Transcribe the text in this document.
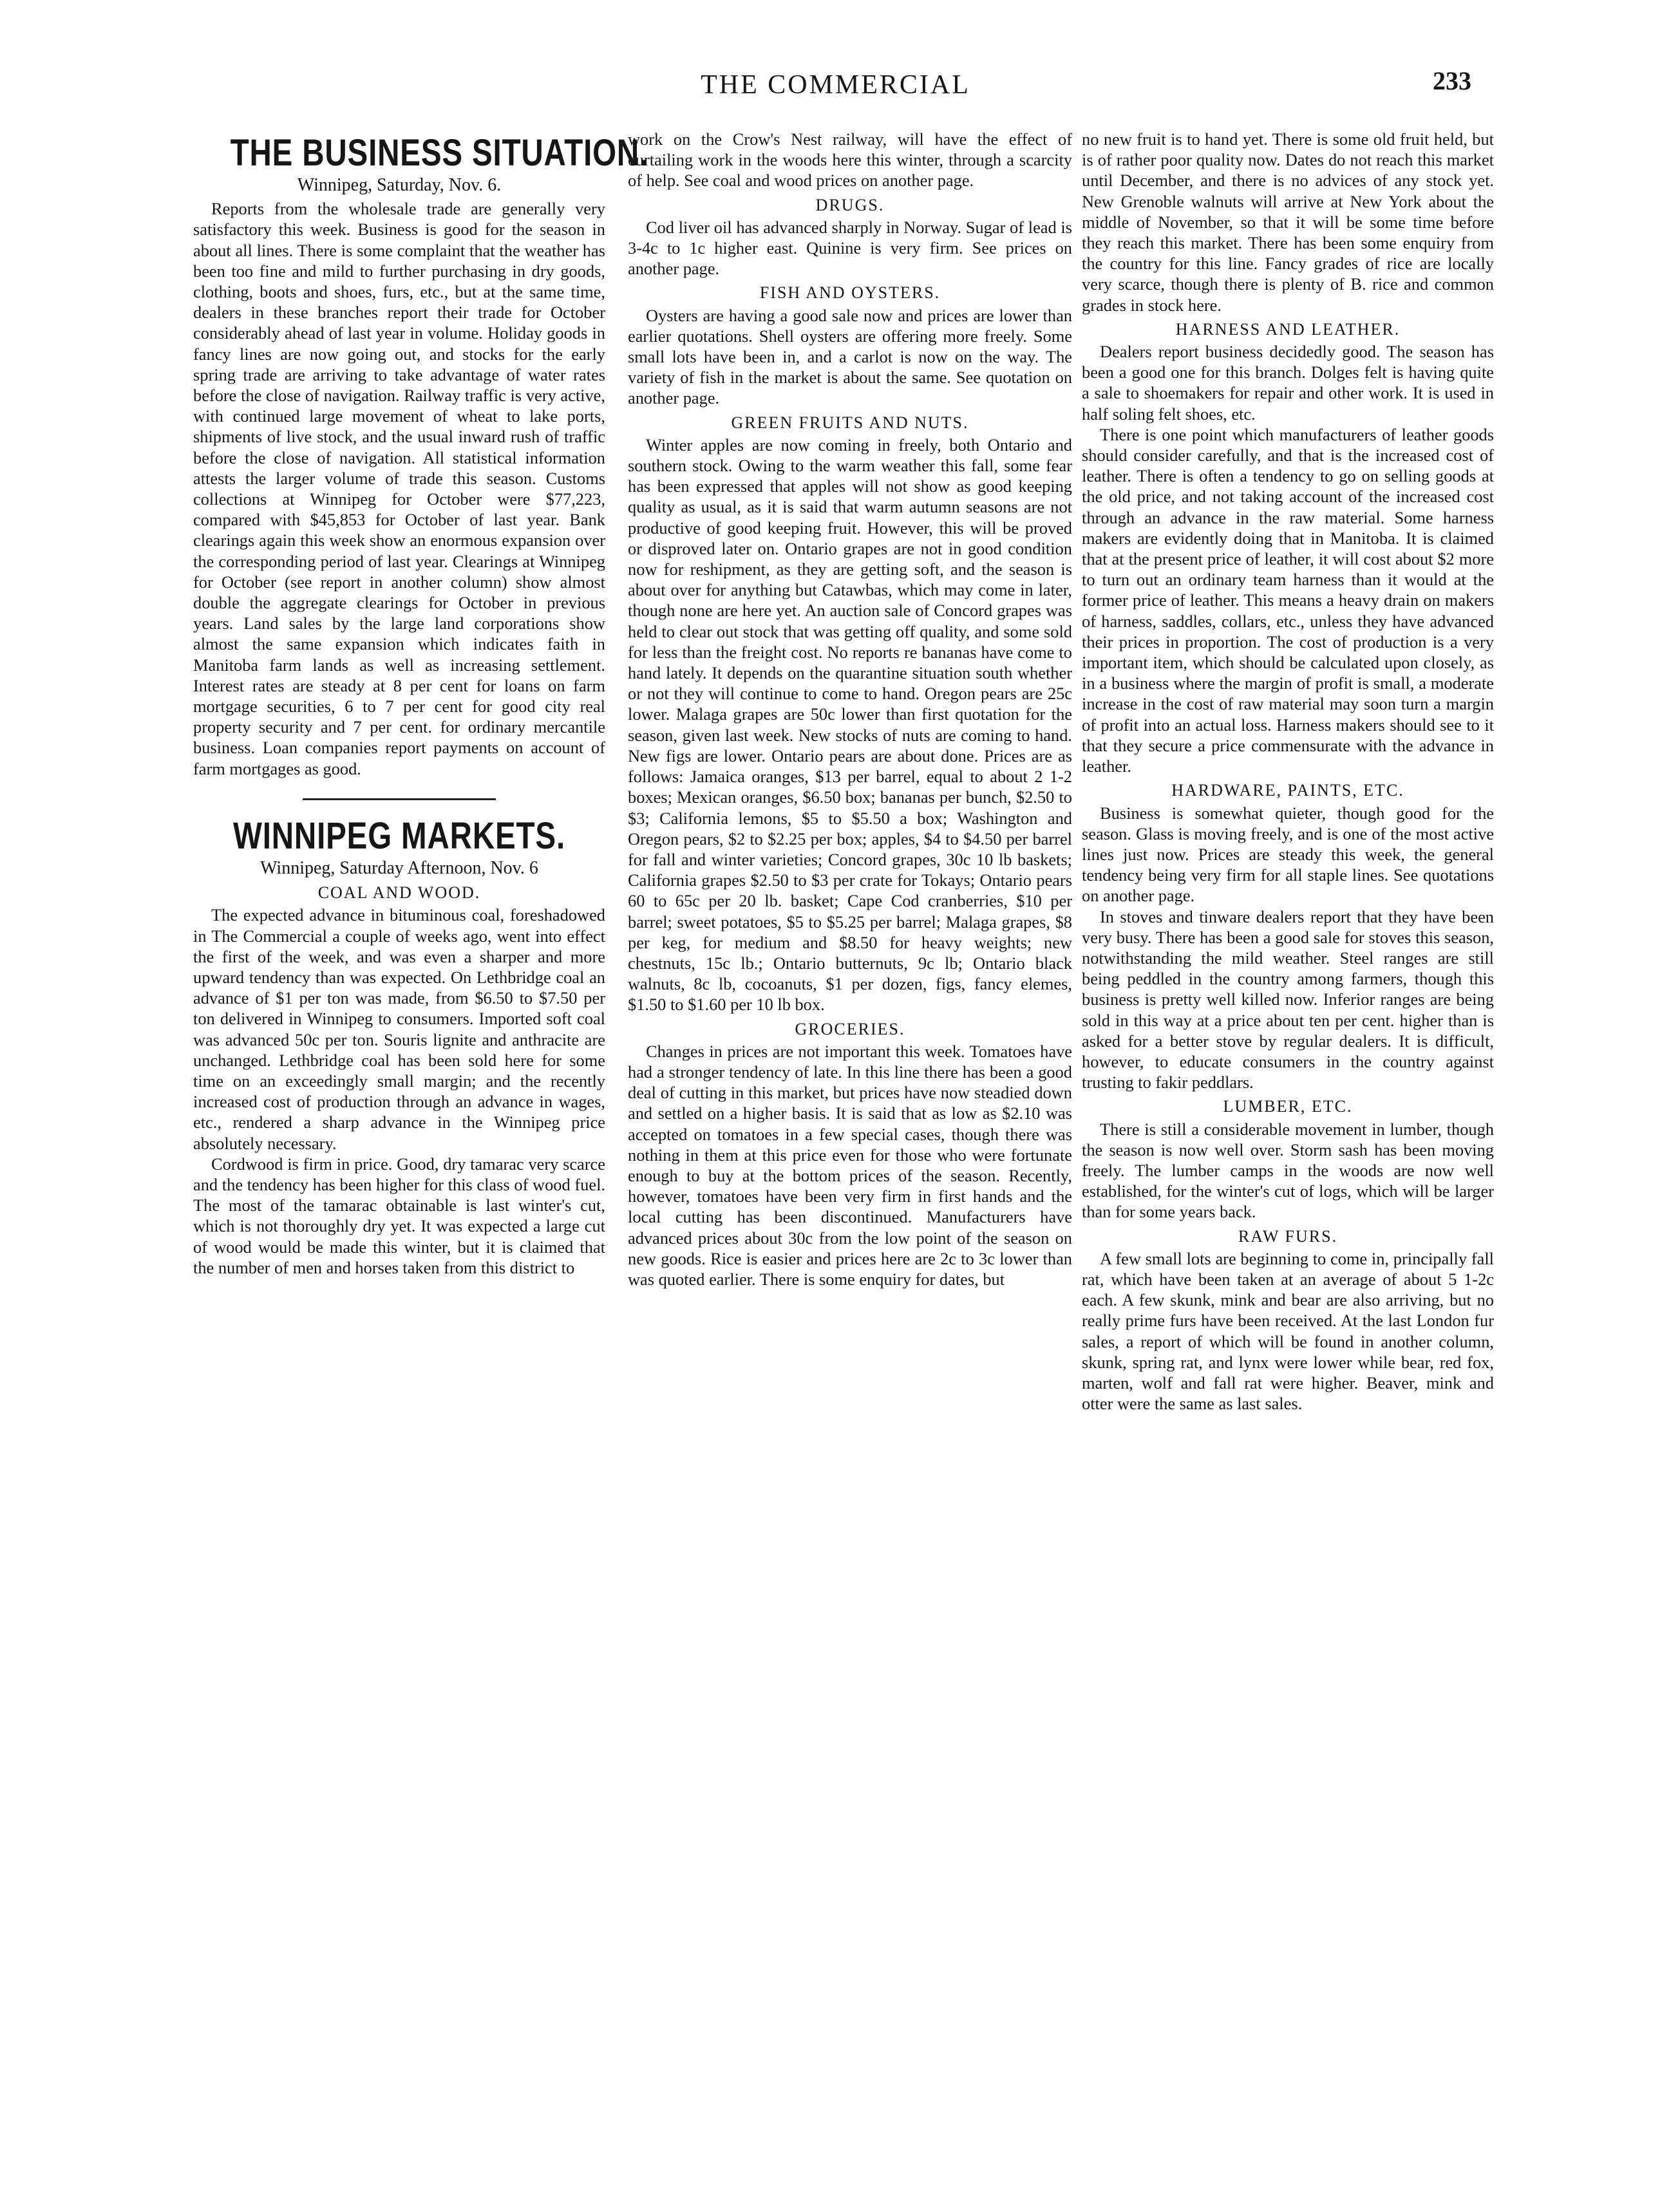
THE COMMERCIAL	233
THE BUSINESS SITUATION.
Winnipeg, Saturday, Nov. 6.

Reports from the wholesale trade are generally very satisfactory this week. Business is good for the season in about all lines. There is some complaint that the weather has been too fine and mild to further purchasing in dry goods, clothing, boots and shoes, furs, etc., but at the same time, dealers in these branches report their trade for October considerably ahead of last year in volume. Holiday goods in fancy lines are now going out, and stocks for the early spring trade are arriving to take advantage of water rates before the close of navigation. Railway traffic is very active, with continued large movement of wheat to lake ports, shipments of live stock, and the usual inward rush of traffic before the close of navigation. All statistical information attests the larger volume of trade this season. Customs collections at Winnipeg for October were $77,223, compared with $45,853 for October of last year. Bank clearings again this week show an enormous expansion over the corresponding period of last year. Clearings at Winnipeg for October (see report in another column) show almost double the aggregate clearings for October in previous years. Land sales by the large land corporations show almost the same expansion which indicates faith in Manitoba farm lands as well as increasing settlement. Interest rates are steady at 8 per cent for loans on farm mortgage securities, 6 to 7 per cent for good city real property security and 7 per cent. for ordinary mercantile business. Loan companies report payments on account of farm mortgages as good.

WINNIPEG MARKETS.
Winnipeg, Saturday Afternoon, Nov. 6
COAL AND WOOD.

The expected advance in bituminous coal, foreshadowed in The Commercial a couple of weeks ago, went into effect the first of the week, and was even a sharper and more upward tendency than was expected. On Lethbridge coal an advance of $1 per ton was made, from $6.50 to $7.50 per ton delivered in Winnipeg to consumers. Imported soft coal was advanced 50c per ton. Souris lignite and anthracite are unchanged. Lethbridge coal has been sold here for some time on an exceedingly small margin; and the recently increased cost of production through an advance in wages, etc., rendered a sharp advance in the Winnipeg price absolutely necessary.

Cordwood is firm in price. Good, dry tamarac very scarce and the tendency has been higher for this class of wood fuel. The most of the tamarac obtainable is last winter's cut, which is not thoroughly dry yet. It was expected a large cut of wood would be made this winter, but it is claimed that the number of men and horses taken from this district to

work on the Crow's Nest railway, will have the effect of curtailing work in the woods here this winter, through a scarcity of help. See coal and wood prices on another page.

DRUGS.

Cod liver oil has advanced sharply in Norway. Sugar of lead is 3-4c to 1c higher east. Quinine is very firm. See prices on another page.

FISH AND OYSTERS.

Oysters are having a good sale now and prices are lower than earlier quotations. Shell oysters are offering more freely. Some small lots have been in, and a carlot is now on the way. The variety of fish in the market is about the same. See quotation on another page.

GREEN FRUITS AND NUTS.

Winter apples are now coming in freely, both Ontario and southern stock. Owing to the warm weather this fall, some fear has been expressed that apples will not show as good keeping quality as usual, as it is said that warm autumn seasons are not productive of good keeping fruit. However, this will be proved or disproved later on. Ontario grapes are not in good condition now for reshipment, as they are getting soft, and the season is about over for anything but Catawbas, which may come in later, though none are here yet. An auction sale of Concord grapes was held to clear out stock that was getting off quality, and some sold for less than the freight cost. No reports re bananas have come to hand lately. It depends on the quarantine situation south whether or not they will continue to come to hand. Oregon pears are 25c lower. Malaga grapes are 50c lower than first quotation for the season, given last week. New stocks of nuts are coming to hand. New figs are lower. Ontario pears are about done. Prices are as follows: Jamaica oranges, $13 per barrel, equal to about 2 1-2 boxes; Mexican oranges, $6.50 box; bananas per bunch, $2.50 to $3; California lemons, $5 to $5.50 a box; Washington and Oregon pears, $2 to $2.25 per box; apples, $4 to $4.50 per barrel for fall and winter varieties; Concord grapes, 30c 10 lb baskets; California grapes $2.50 to $3 per crate for Tokays; Ontario pears 60 to 65c per 20 lb. basket; Cape Cod cranberries, $10 per barrel; sweet potatoes, $5 to $5.25 per barrel; Malaga grapes, $8 per keg, for medium and $8.50 for heavy weights; new chestnuts, 15c lb.; Ontario butternuts, 9c lb; Ontario black walnuts, 8c lb, cocoanuts, $1 per dozen, figs, fancy elemes, $1.50 to $1.60 per 10 lb box.

GROCERIES.

Changes in prices are not important this week. Tomatoes have had a stronger tendency of late. In this line there has been a good deal of cutting in this market, but prices have now steadied down and settled on a higher basis. It is said that as low as $2.10 was accepted on tomatoes in a few special cases, though there was nothing in them at this price even for those who were fortunate enough to buy at the bottom prices of the season. Recently, however, tomatoes have been very firm in first hands and the local cutting has been discontinued. Manufacturers have advanced prices about 30c from the low point of the season on new goods. Rice is easier and prices here are 2c to 3c lower than was quoted earlier. There is some enquiry for dates, but

no new fruit is to hand yet. There is some old fruit held, but is of rather poor quality now. Dates do not reach this market until December, and there is no advices of any stock yet. New Grenoble walnuts will arrive at New York about the middle of November, so that it will be some time before they reach this market. There has been some enquiry from the country for this line. Fancy grades of rice are locally very scarce, though there is plenty of B. rice and common grades in stock here.

HARNESS AND LEATHER.

Dealers report business decidedly good. The season has been a good one for this branch. Dolges felt is having quite a sale to shoemakers for repair and other work. It is used in half soling felt shoes, etc.

There is one point which manufacturers of leather goods should consider carefully, and that is the increased cost of leather. There is often a tendency to go on selling goods at the old price, and not taking account of the increased cost through an advance in the raw material. Some harness makers are evidently doing that in Manitoba. It is claimed that at the present price of leather, it will cost about $2 more to turn out an ordinary team harness than it would at the former price of leather. This means a heavy drain on makers of harness, saddles, collars, etc., unless they have advanced their prices in proportion. The cost of production is a very important item, which should be calculated upon closely, as in a business where the margin of profit is small, a moderate increase in the cost of raw material may soon turn a margin of profit into an actual loss. Harness makers should see to it that they secure a price commensurate with the advance in leather.

HARDWARE, PAINTS, ETC.

Business is somewhat quieter, though good for the season. Glass is moving freely, and is one of the most active lines just now. Prices are steady this week, the general tendency being very firm for all staple lines. See quotations on another page.

In stoves and tinware dealers report that they have been very busy. There has been a good sale for stoves this season, notwithstanding the mild weather. Steel ranges are still being peddled in the country among farmers, though this business is pretty well killed now. Inferior ranges are being sold in this way at a price about ten per cent. higher than is asked for a better stove by regular dealers. It is difficult, however, to educate consumers in the country against trusting to fakir peddlars.

LUMBER, ETC.

There is still a considerable movement in lumber, though the season is now well over. Storm sash has been moving freely. The lumber camps in the woods are now well established, for the winter's cut of logs, which will be larger than for some years back.

RAW FURS.

A few small lots are beginning to come in, principally fall rat, which have been taken at an average of about 5 1-2c each. A few skunk, mink and bear are also arriving, but no really prime furs have been received. At the last London fur sales, a report of which will be found in another column, skunk, spring rat, and lynx were lower while bear, red fox, marten, wolf and fall rat were higher. Beaver, mink and otter were the same as last sales.
